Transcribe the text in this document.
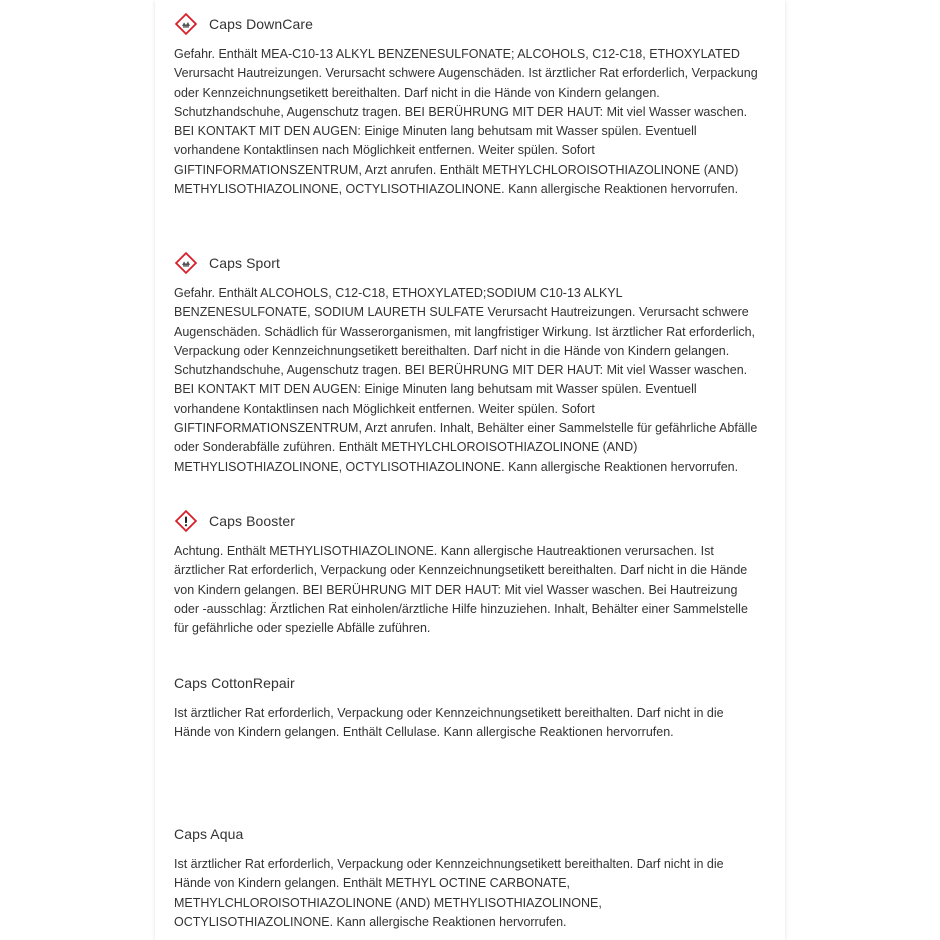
Caps DownCare

Gefahr. Enthält MEA-C10-13 ALKYL BENZENESULFONATE; ALCOHOLS, C12-C18, ETHOXYLATED Verursacht Hautreizungen. Verursacht schwere Augenschäden. Ist ärztlicher Rat erforderlich, Verpackung oder Kennzeichnungsetikett bereithalten. Darf nicht in die Hände von Kindern gelangen. Schutzhandschuhe, Augenschutz tragen. BEI BERÜHRUNG MIT DER HAUT: Mit viel Wasser waschen. BEI KONTAKT MIT DEN AUGEN: Einige Minuten lang behutsam mit Wasser spülen. Eventuell vorhandene Kontaktlinsen nach Möglichkeit entfernen. Weiter spülen. Sofort GIFTINFORMATIONSZENTRUM, Arzt anrufen. Enthält METHYLCHLOROISOTHIAZOLINONE (AND) METHYLISOTHIAZOLINONE, OCTYLISOTHIAZOLINONE. Kann allergische Reaktionen hervorrufen.

Caps Sport

Gefahr. Enthält ALCOHOLS, C12-C18, ETHOXYLATED;SODIUM C10-13 ALKYL BENZENESULFONATE, SODIUM LAURETH SULFATE Verursacht Hautreizungen. Verursacht schwere Augenschäden. Schädlich für Wasserorganismen, mit langfristiger Wirkung. Ist ärztlicher Rat erforderlich, Verpackung oder Kennzeichnungsetikett bereithalten. Darf nicht in die Hände von Kindern gelangen. Schutzhandschuhe, Augenschutz tragen. BEI BERÜHRUNG MIT DER HAUT: Mit viel Wasser waschen. BEI KONTAKT MIT DEN AUGEN: Einige Minuten lang behutsam mit Wasser spülen. Eventuell vorhandene Kontaktlinsen nach Möglichkeit entfernen. Weiter spülen. Sofort GIFTINFORMATIONSZENTRUM, Arzt anrufen. Inhalt, Behälter einer Sammelstelle für gefährliche Abfälle oder Sonderabfälle zuführen. Enthält METHYLCHLOROISOTHIAZOLINONE (AND) METHYLISOTHIAZOLINONE, OCTYLISOTHIAZOLINONE. Kann allergische Reaktionen hervorrufen.

Caps Booster

Achtung. Enthält METHYLISOTHIAZOLINONE. Kann allergische Hautreaktionen verursachen. Ist ärztlicher Rat erforderlich, Verpackung oder Kennzeichnungsetikett bereithalten. Darf nicht in die Hände von Kindern gelangen. BEI BERÜHRUNG MIT DER HAUT: Mit viel Wasser waschen. Bei Hautreizung oder -ausschlag: Ärztlichen Rat einholen/ärztliche Hilfe hinzuziehen. Inhalt, Behälter einer Sammelstelle für gefährliche oder spezielle Abfälle zuführen.

Caps CottonRepair

Ist ärztlicher Rat erforderlich, Verpackung oder Kennzeichnungsetikett bereithalten. Darf nicht in die Hände von Kindern gelangen. Enthält Cellulase. Kann allergische Reaktionen hervorrufen.

Caps Aqua

Ist ärztlicher Rat erforderlich, Verpackung oder Kennzeichnungsetikett bereithalten. Darf nicht in die Hände von Kindern gelangen. Enthält METHYL OCTINE CARBONATE, METHYLCHLOROISOTHIAZOLINONE (AND) METHYLISOTHIAZOLINONE, OCTYLISOTHIAZOLINONE. Kann allergische Reaktionen hervorrufen.
